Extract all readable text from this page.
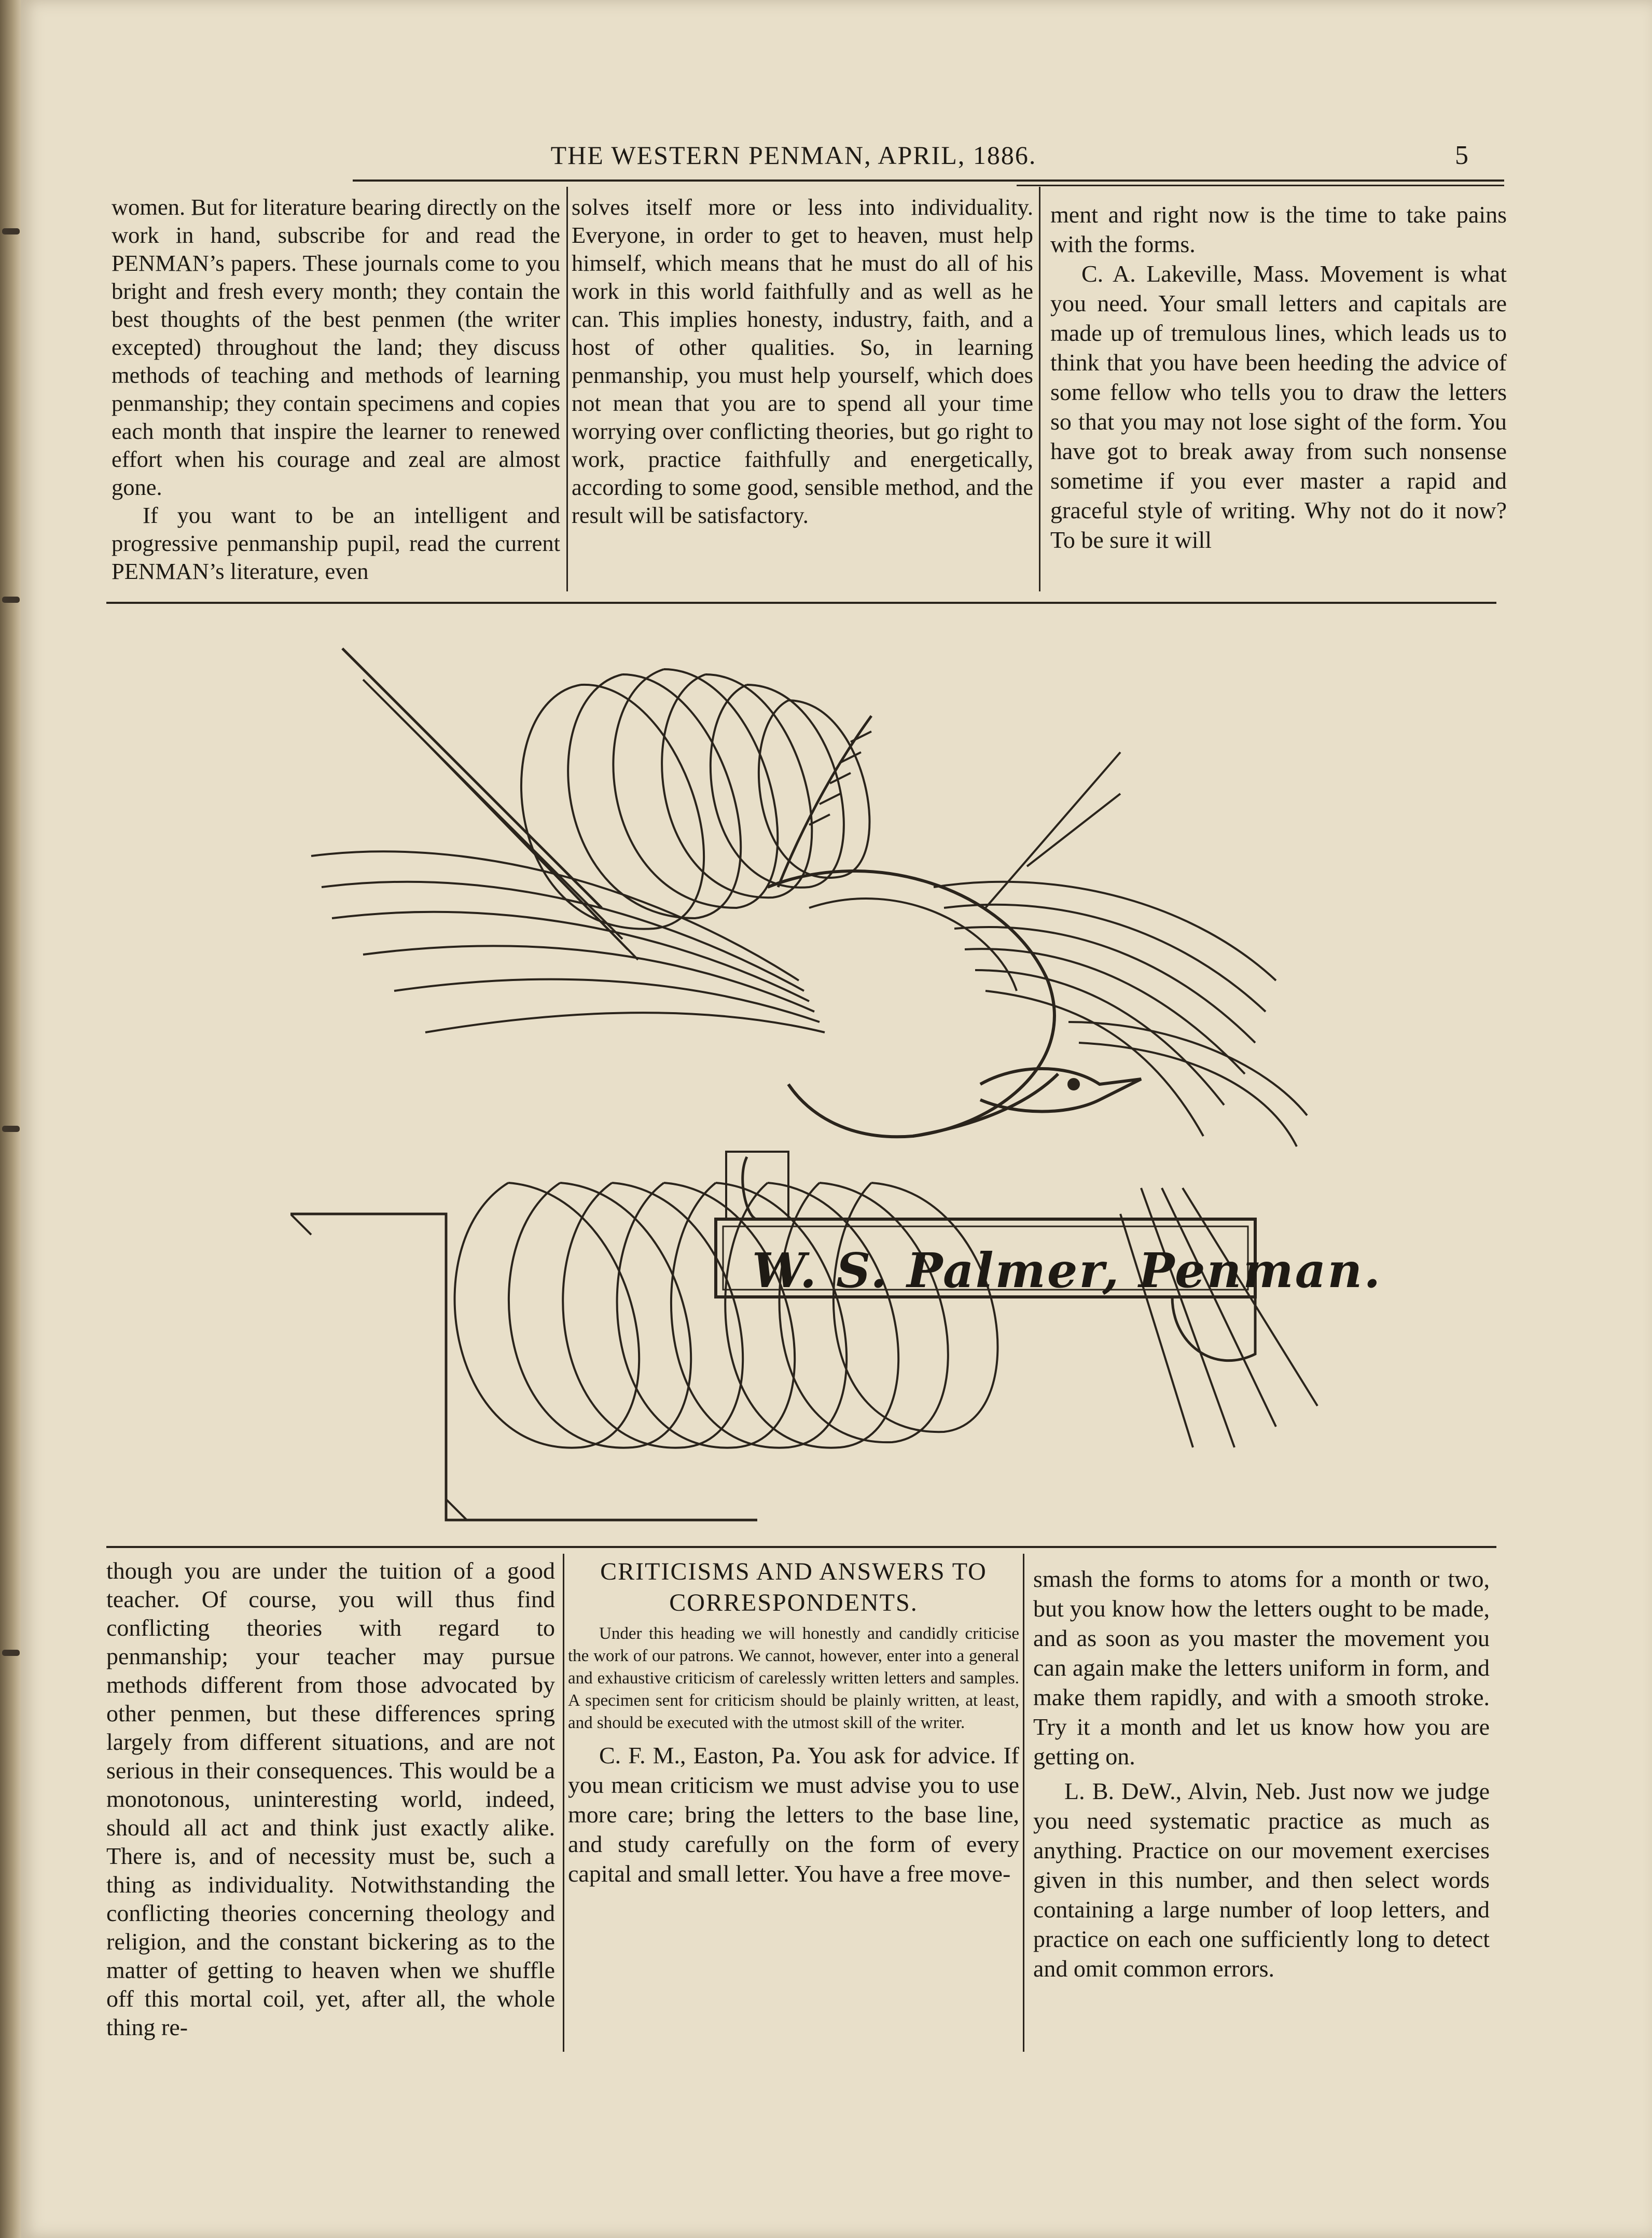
THE WESTERN PENMAN, APRIL, 1886.	5

women. But for literature bearing directly on the work in hand, subscribe for and read the PENMAN’s papers. These journals come to you bright and fresh every month; they contain the best thoughts of the best penmen (the writer excepted) throughout the land; they discuss methods of teaching and methods of learning penmanship; they contain specimens and copies each month that inspire the learner to renewed effort when his courage and zeal are almost gone.

If you want to be an intelligent and progressive penmanship pupil, read the current PENMAN’s literature, even

solves itself more or less into individuality. Everyone, in order to get to heaven, must help himself, which means that he must do all of his work in this world faithfully and as well as he can. This implies honesty, industry, faith, and a host of other qualities. So, in learning penmanship, you must help yourself, which does not mean that you are to spend all your time worrying over conflicting theories, but go right to work, practice faithfully and energetically, according to some good, sensible method, and the result will be satisfactory.

ment and right now is the time to take pains with the forms.

C. A. Lakeville, Mass. Movement is what you need. Your small letters and capitals are made up of tremulous lines, which leads us to think that you have been heeding the advice of some fellow who tells you to draw the letters so that you may not lose sight of the form. You have got to break away from such nonsense sometime if you ever master a rapid and graceful style of writing. Why not do it now? To be sure it will

W. S. Palmer, Penman.

though you are under the tuition of a good teacher. Of course, you will thus find conflicting theories with regard to penmanship; your teacher may pursue methods different from those advocated by other penmen, but these differences spring largely from different situations, and are not serious in their consequences. This would be a monotonous, uninteresting world, indeed, should all act and think just exactly alike. There is, and of necessity must be, such a thing as individuality. Notwithstanding the conflicting theories concerning theology and religion, and the constant bickering as to the matter of getting to heaven when we shuffle off this mortal coil, yet, after all, the whole thing re-

CRITICISMS AND ANSWERS TO CORRESPONDENTS.

Under this heading we will honestly and candidly criticise the work of our patrons. We cannot, however, enter into a general and exhaustive criticism of carelessly written letters and samples. A specimen sent for criticism should be plainly written, at least, and should be executed with the utmost skill of the writer.

C. F. M., Easton, Pa. You ask for advice. If you mean criticism we must advise you to use more care; bring the letters to the base line, and study carefully on the form of every capital and small letter. You have a free move-

smash the forms to atoms for a month or two, but you know how the letters ought to be made, and as soon as you master the movement you can again make the letters uniform in form, and make them rapidly, and with a smooth stroke. Try it a month and let us know how you are getting on.

L. B. DeW., Alvin, Neb. Just now we judge you need systematic practice as much as anything. Practice on our movement exercises given in this number, and then select words containing a large number of loop letters, and practice on each one sufficiently long to detect and omit common errors.
